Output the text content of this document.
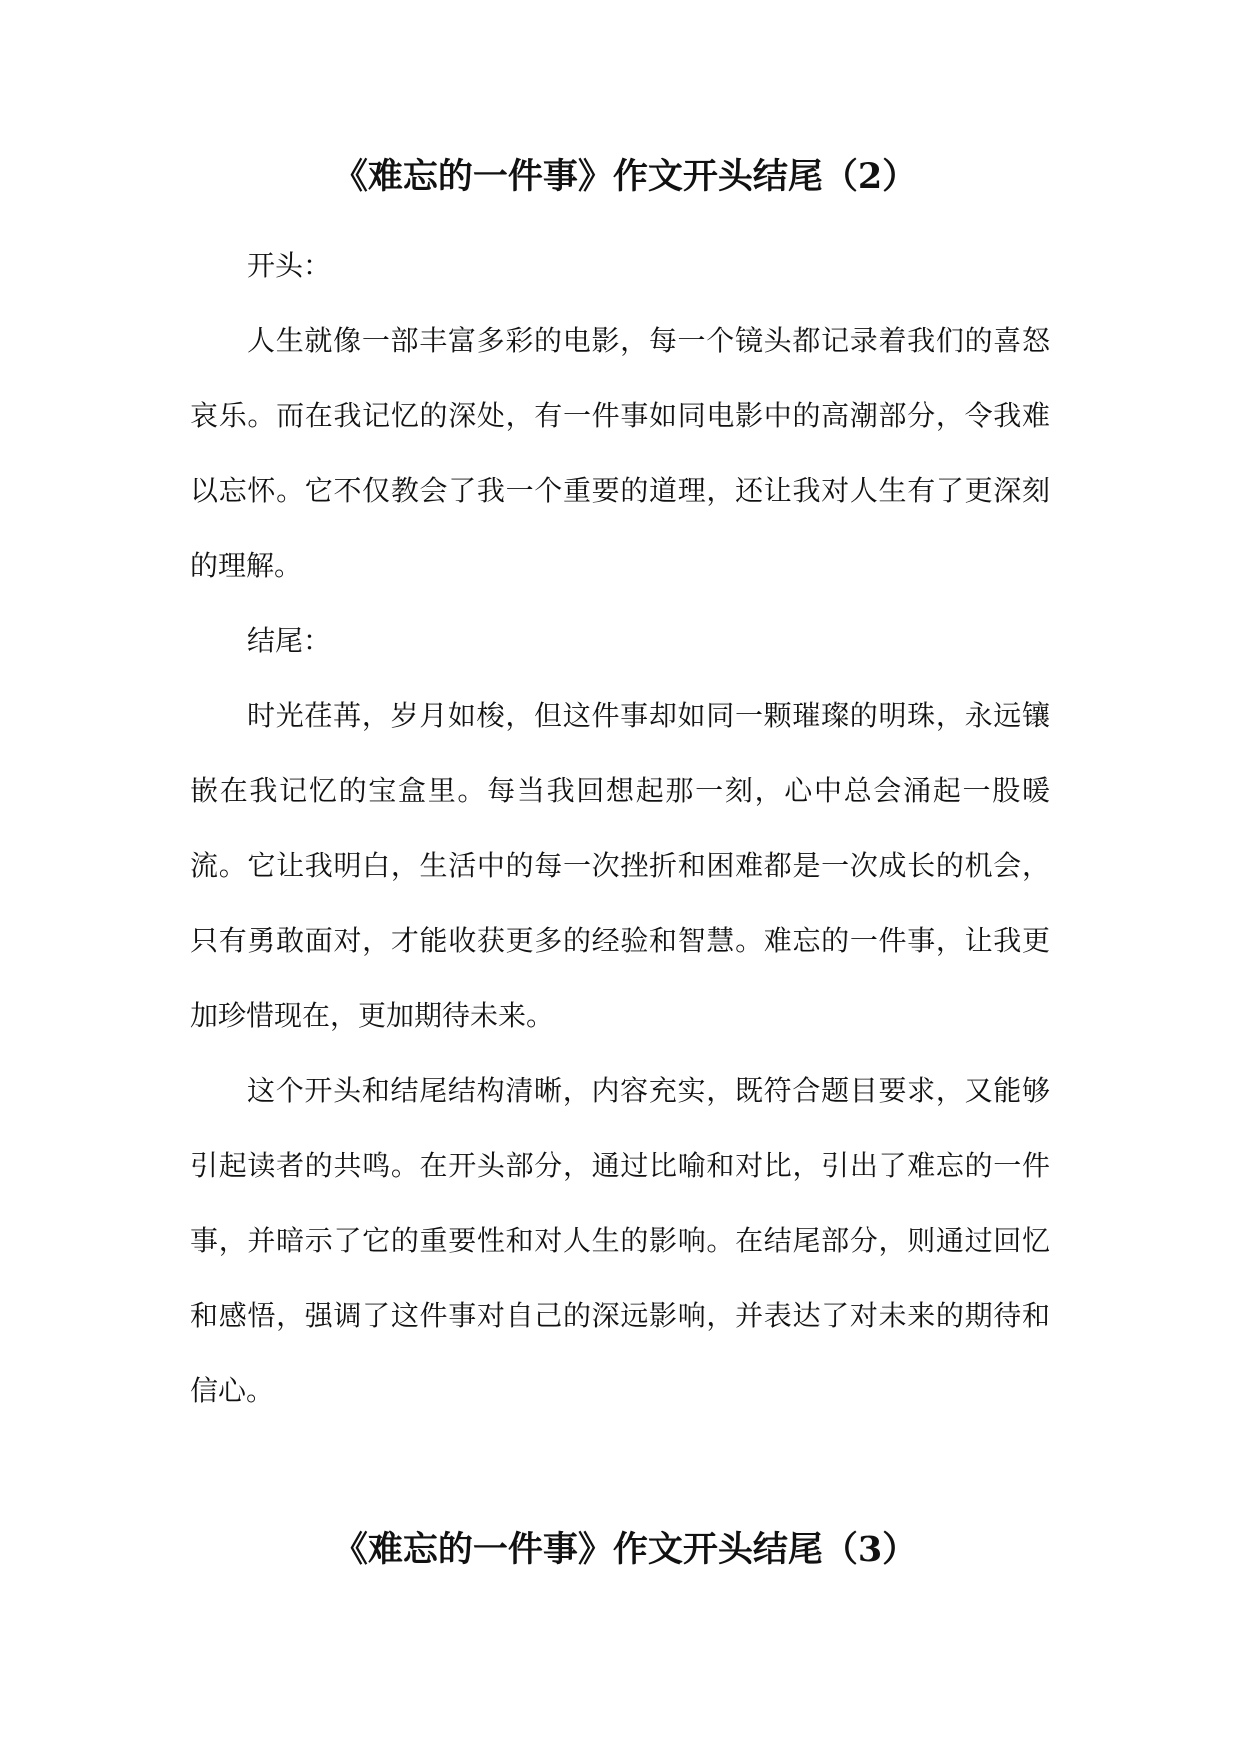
《难忘的一件事》作文开头结尾（2）

开头：

人生就像一部丰富多彩的电影，每一个镜头都记录着我们的喜怒哀乐。而在我记忆的深处，有一件事如同电影中的高潮部分，令我难以忘怀。它不仅教会了我一个重要的道理，还让我对人生有了更深刻的理解。

结尾：

时光荏苒，岁月如梭，但这件事却如同一颗璀璨的明珠，永远镶嵌在我记忆的宝盒里。每当我回想起那一刻，心中总会涌起一股暖流。它让我明白，生活中的每一次挫折和困难都是一次成长的机会，只有勇敢面对，才能收获更多的经验和智慧。难忘的一件事，让我更加珍惜现在，更加期待未来。

这个开头和结尾结构清晰，内容充实，既符合题目要求，又能够引起读者的共鸣。在开头部分，通过比喻和对比，引出了难忘的一件事，并暗示了它的重要性和对人生的影响。在结尾部分，则通过回忆和感悟，强调了这件事对自己的深远影响，并表达了对未来的期待和信心。

《难忘的一件事》作文开头结尾（3）
